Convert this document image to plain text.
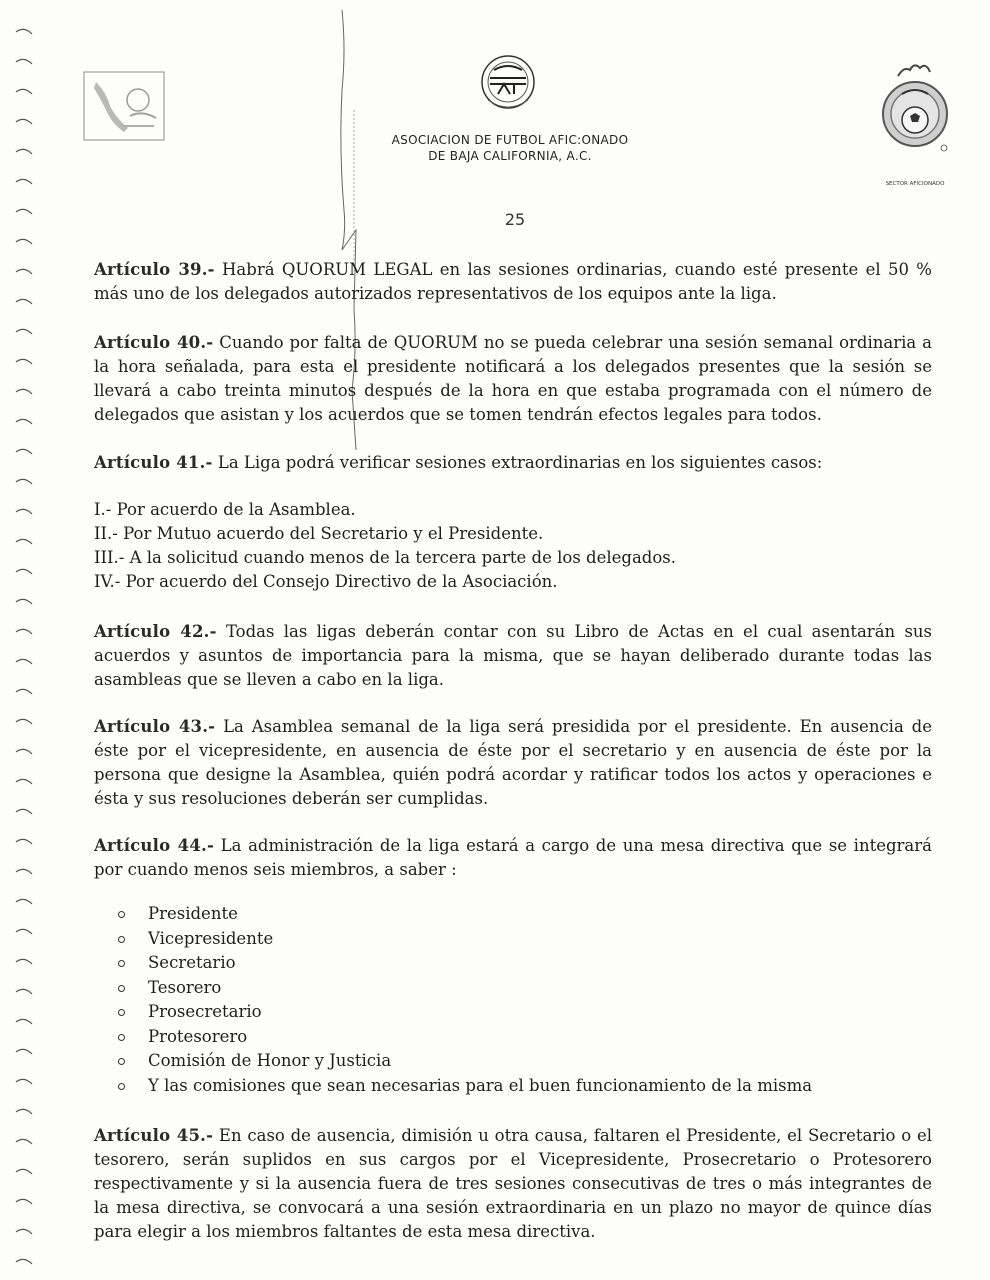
ASOCIACION DE FUTBOL AFIC:ONADO
DE BAJA CALIFORNIA, A.C.
SECTOR AFICIONADO
25

Artículo 39.- Habrá QUORUM LEGAL en las sesiones ordinarias, cuando esté presente el 50 % más uno de los delegados autorizados representativos de los equipos ante la liga.

Artículo 40.- Cuando por falta de QUORUM no se pueda celebrar una sesión semanal ordinaria a la hora señalada, para esta el presidente notificará a los delegados presentes que la sesión se llevará a cabo treinta minutos después de la hora en que estaba programada con el número de delegados que asistan y los acuerdos que se tomen tendrán efectos legales para todos.

Artículo 41.- La Liga podrá verificar sesiones extraordinarias en los siguientes casos:

I.- Por acuerdo de la Asamblea.
II.- Por Mutuo acuerdo del Secretario y el Presidente.
III.- A la solicitud cuando menos de la tercera parte de los delegados.
IV.- Por acuerdo del Consejo Directivo de la Asociación.

Artículo 42.- Todas las ligas deberán contar con su Libro de Actas en el cual asentarán sus acuerdos y asuntos de importancia para la misma, que se hayan deliberado durante todas las asambleas que se lleven a cabo en la liga.

Artículo 43.- La Asamblea semanal de la liga será presidida por el presidente. En ausencia de éste por el vicepresidente, en ausencia de éste por el secretario y en ausencia de éste por la persona que designe la Asamblea, quién podrá acordar y ratificar todos los actos y operaciones e ésta y sus resoluciones deberán ser cumplidas.

Artículo 44.- La administración de la liga estará a cargo de una mesa directiva que se integrará por cuando menos seis miembros, a saber :

Presidente
Vicepresidente
Secretario
Tesorero
Prosecretario
Protesorero
Comisión de Honor y Justicia
Y las comisiones que sean necesarias para el buen funcionamiento de la misma

Artículo 45.- En caso de ausencia, dimisión u otra causa, faltaren el Presidente, el Secretario o el tesorero, serán suplidos en sus cargos por el Vicepresidente, Prosecretario o Protesorero respectivamente y si la ausencia fuera de tres sesiones consecutivas de tres o más integrantes de la mesa directiva, se convocará a una sesión extraordinaria en un plazo no mayor de quince días para elegir a los miembros faltantes de esta mesa directiva.
